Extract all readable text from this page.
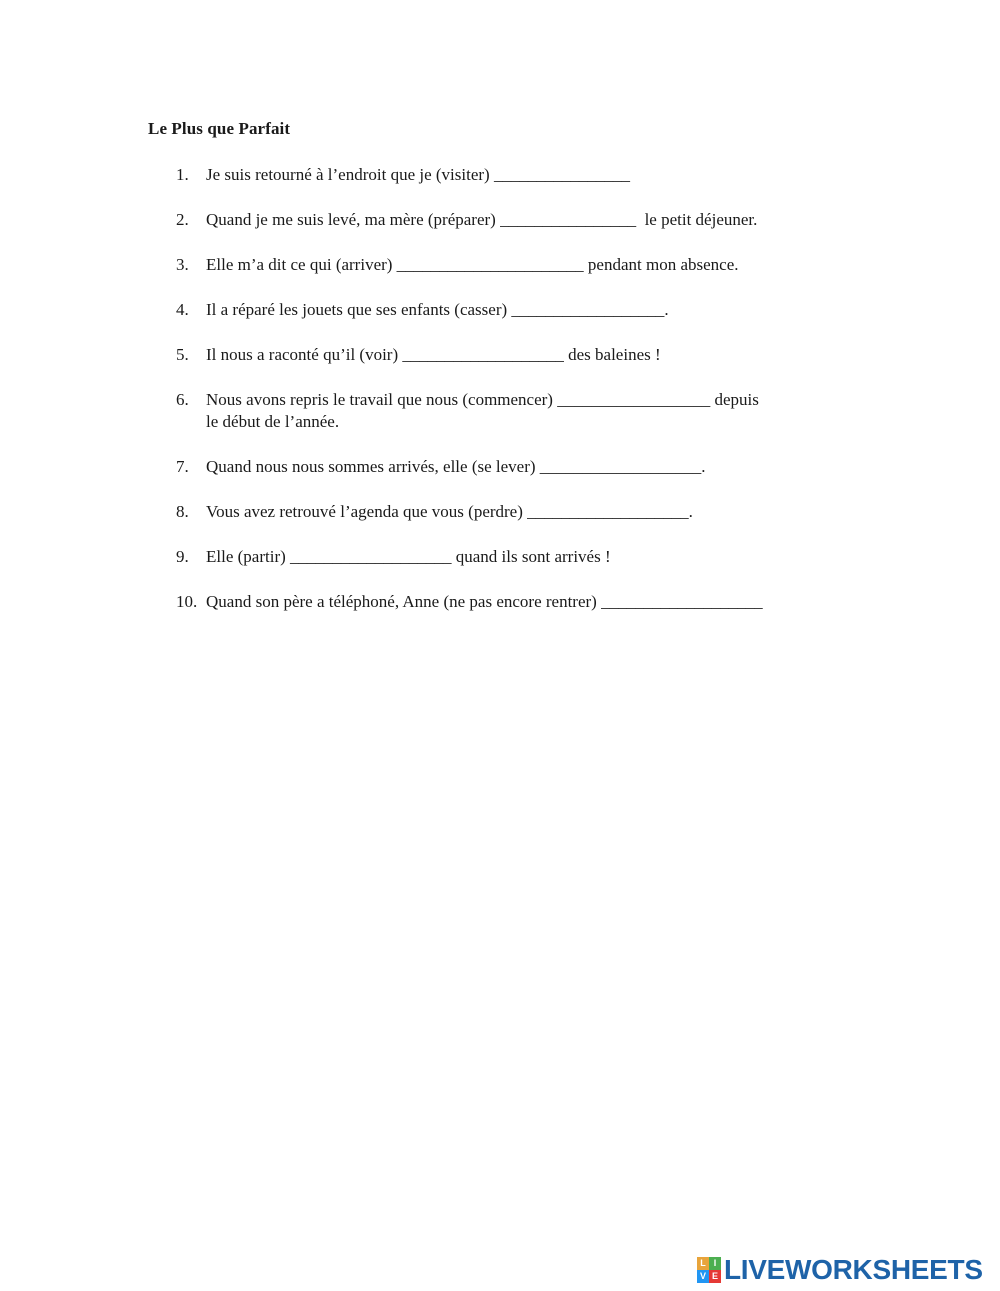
Le Plus que Parfait
1. Je suis retourné à l’endroit que je (visiter) ________________
2. Quand je me suis levé, ma mère (préparer) ________________  le petit déjeuner.
3. Elle m’a dit ce qui (arriver) ______________________ pendant mon absence.
4. Il a réparé les jouets que ses enfants (casser) __________________.
5. Il nous a raconté qu’il (voir) ___________________ des baleines !
6. Nous avons repris le travail que nous (commencer) __________________ depuis
le début de l’année.
7. Quand nous nous sommes arrivés, elle (se lever) ___________________.
8. Vous avez retrouvé l’agenda que vous (perdre) ___________________.
9. Elle (partir) ___________________ quand ils sont arrivés !
10. Quand son père a téléphoné, Anne (ne pas encore rentrer) ___________________
L I
V E LIVEWORKSHEETS
